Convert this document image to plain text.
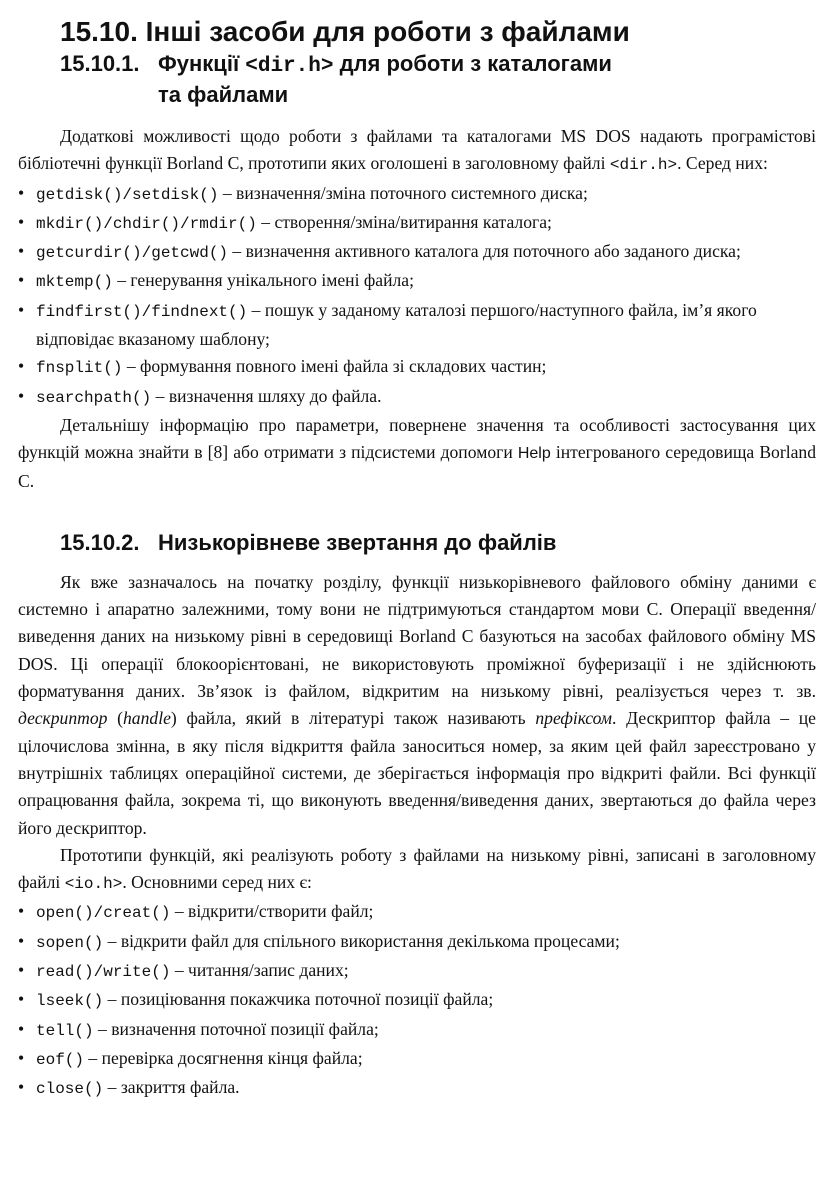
15.10. Інші засоби для роботи з файлами
15.10.1. Функції <dir.h> для роботи з каталогами
та файлами

Додаткові можливості щодо роботи з файлами та каталогами MS DOS надають програмістові бібліотечні функції Borland C, прототипи яких оголошені в заголовному файлі <dir.h>. Серед них:

• getdisk()/setdisk() – визначення/зміна поточного системного диска;
• mkdir()/chdir()/rmdir() – створення/зміна/витирання каталога;
• getcurdir()/getcwd() – визначення активного каталога для поточного або заданого диска;
• mktemp() – генерування унікального імені файла;
• findfirst()/findnext() – пошук у заданому каталозі першого/наступного файла, ім’я якого відповідає вказаному шаблону;
• fnsplit() – формування повного імені файла зі складових частин;
• searchpath() – визначення шляху до файла.

Детальнішу інформацію про параметри, повернене значення та особливості застосування цих функцій можна знайти в [8] або отримати з підсистеми допомоги Help інтегрованого середовища Borland C.

15.10.2. Низькорівневе звертання до файлів

Як вже зазначалось на початку розділу, функції низькорівневого файлового обміну даними є системно і апаратно залежними, тому вони не підтримуються стандартом мови C. Операції введення/виведення даних на низькому рівні в середовищі Borland C базуються на засобах файлового обміну MS DOS. Ці операції блокоорієнтовані, не використовують проміжної буферизації і не здійснюють форматування даних. Зв’язок із файлом, відкритим на низькому рівні, реалізується через т. зв. дескриптор (handle) файла, який в літературі також називають префіксом. Дескриптор файла – це цілочислова змінна, в яку після відкриття файла заноситься номер, за яким цей файл зареєстровано у внутрішніх таблицях операційної системи, де зберігається інформація про відкриті файли. Всі функції опрацювання файла, зокрема ті, що виконують введення/виведення даних, звертаються до файла через його дескриптор.

Прототипи функцій, які реалізують роботу з файлами на низькому рівні, записані в заголовному файлі <io.h>. Основними серед них є:

• open()/creat() – відкрити/створити файл;
• sopen() – відкрити файл для спільного використання декількома процесами;
• read()/write() – читання/запис даних;
• lseek() – позиціювання покажчика поточної позиції файла;
• tell() – визначення поточної позиції файла;
• eof() – перевірка досягнення кінця файла;
• close() – закриття файла.
